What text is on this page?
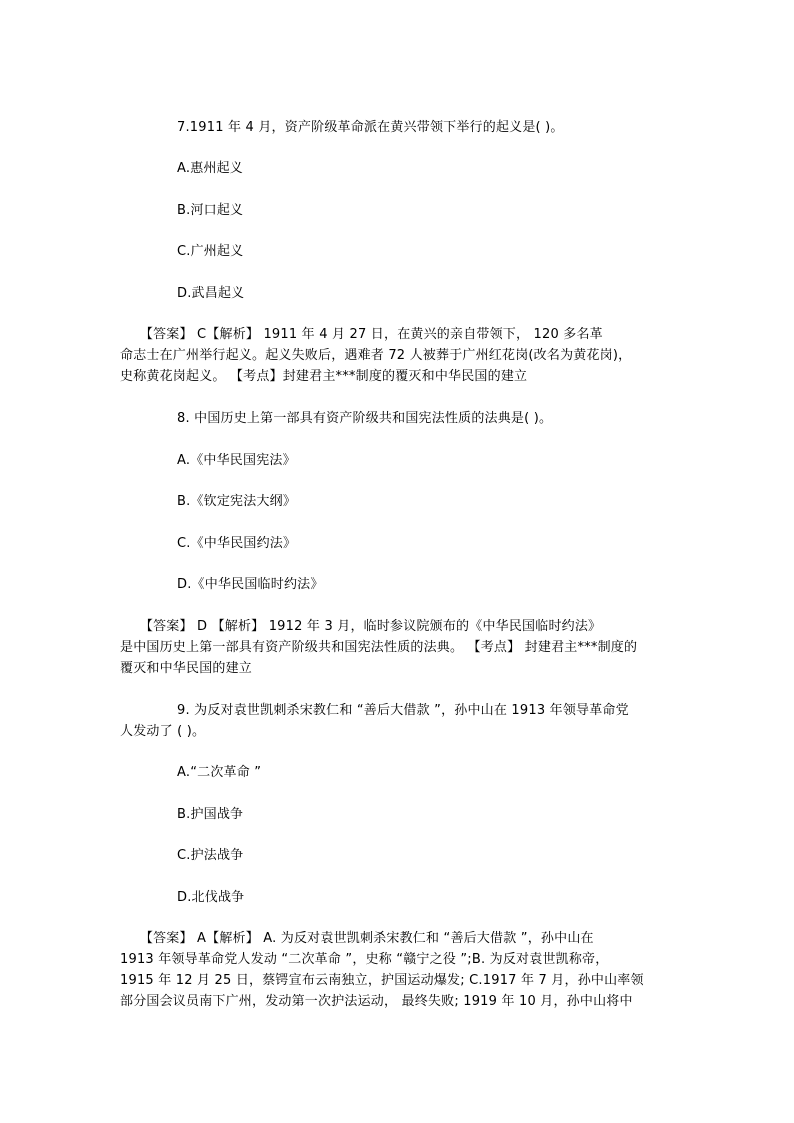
7.1911 年 4 月，资产阶级革命派在黄兴带领下举行的起义是( )。
A.惠州起义
B.河口起义
C.广州起义
D.武昌起义
　　【答案】 C【解析】 1911 年 4 月 27 日，在黄兴的亲自带领下， 120 多名革
命志士在广州举行起义。起义失败后，遇难者 72 人被葬于广州红花岗(改名为黄花岗)，
史称黄花岗起义。 【考点】封建君主***制度的覆灭和中华民国的建立
8. 中国历史上第一部具有资产阶级共和国宪法性质的法典是( )。
A.《中华民国宪法》
B.《钦定宪法大纲》
C.《中华民国约法》
D.《中华民国临时约法》
　　【答案】 D 【解析】 1912 年 3 月，临时参议院颁布的《中华民国临时约法》
是中国历史上第一部具有资产阶级共和国宪法性质的法典。 【考点】 封建君主***制度的
覆灭和中华民国的建立
9. 为反对袁世凯刺杀宋教仁和 “善后大借款 ”，孙中山在 1913 年领导革命党
人发动了 ( )。
A.“二次革命 ”
B.护国战争
C.护法战争
D.北伐战争
　　【答案】 A【解析】 A. 为反对袁世凯刺杀宋教仁和 “善后大借款 ”，孙中山在
1913 年领导革命党人发动 “二次革命 ”，史称 “赣宁之役 ”;B. 为反对袁世凯称帝，
1915 年 12 月 25 日，蔡锷宣布云南独立，护国运动爆发; C.1917 年 7 月，孙中山率领
部分国会议员南下广州，发动第一次护法运动， 最终失败; 1919 年 10 月，孙中山将中
